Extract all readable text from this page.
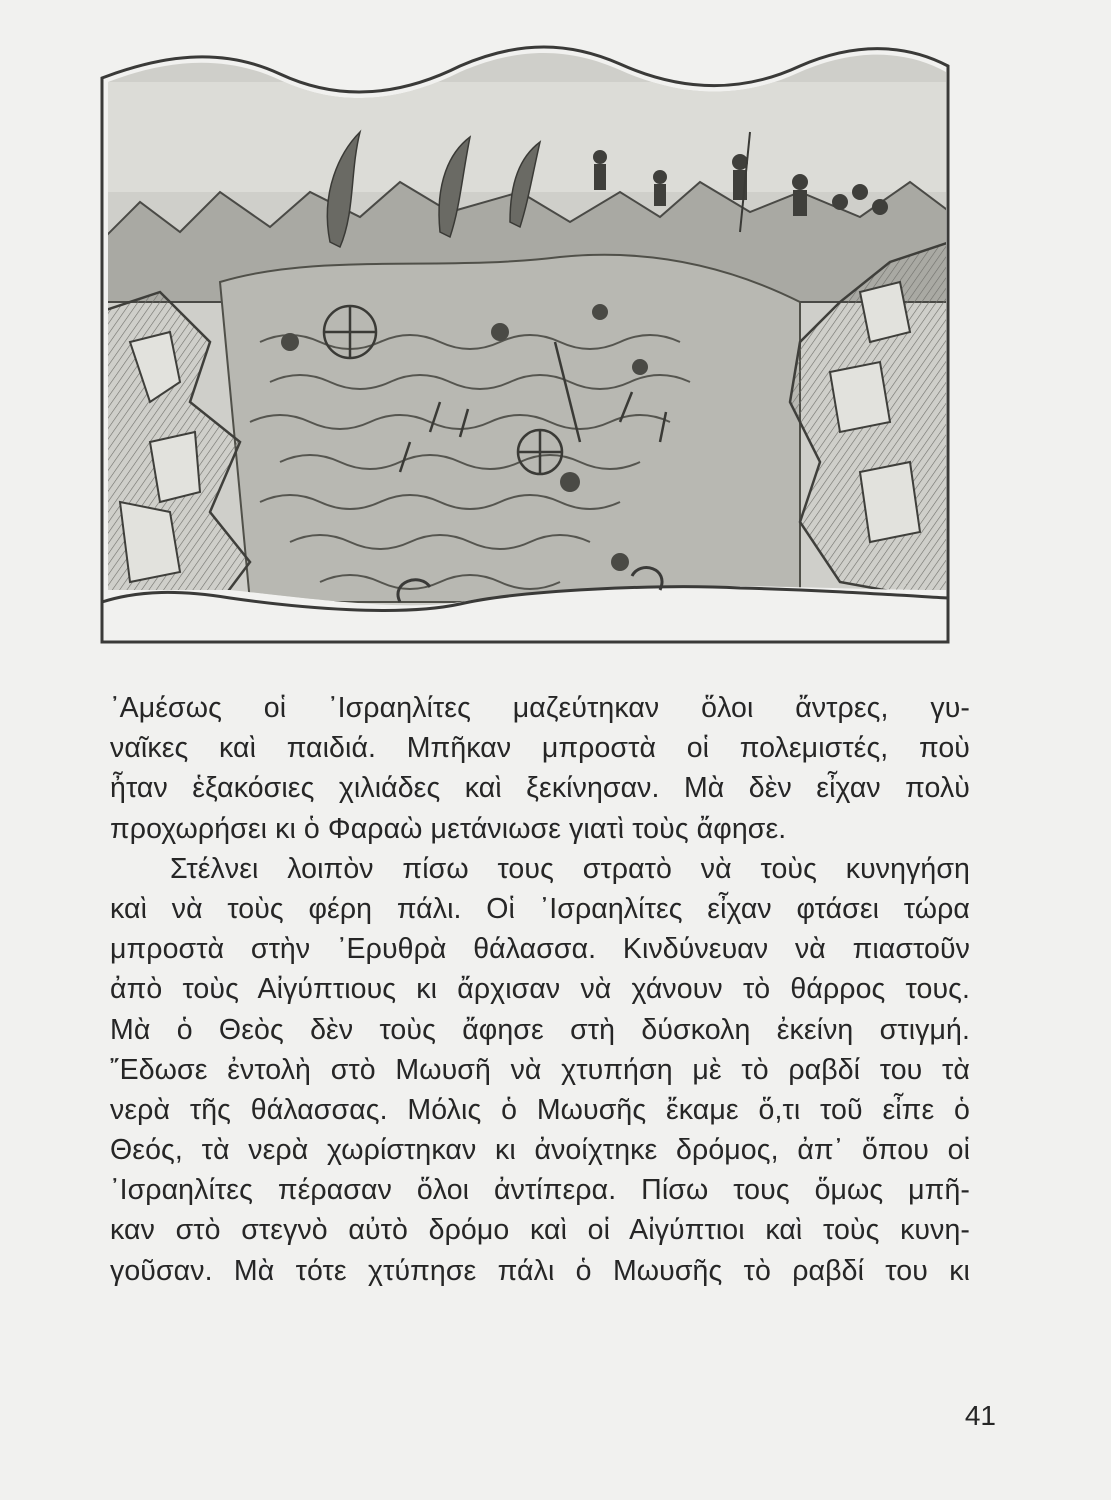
᾿Αμέσως οἱ ᾿Ισραηλίτες μαζεύτηκαν ὅλοι ἄντρες, γυ-
ναῖκες καὶ παιδιά. Μπῆκαν μπροστὰ οἱ πολεμιστές, ποὺ
ἦταν ἑξακόσιες χιλιάδες καὶ ξεκίνησαν. Μὰ δὲν εἶχαν πολὺ
προχωρήσει κι ὁ Φαραὼ μετάνιωσε γιατὶ τοὺς ἄφησε.

Στέλνει λοιπὸν πίσω τους στρατὸ νὰ τοὺς κυνηγήση
καὶ νὰ τοὺς φέρη πάλι. Οἱ ᾿Ισραηλίτες εἶχαν φτάσει τώρα
μπροστὰ στὴν ᾿Ερυθρὰ θάλασσα. Κινδύνευαν νὰ πιαστοῦν
ἀπὸ τοὺς Αἰγύπτιους κι ἄρχισαν νὰ χάνουν τὸ θάρρος τους.
Μὰ ὁ Θεὸς δὲν τοὺς ἄφησε στὴ δύσκολη ἐκείνη στιγμή.
῎Εδωσε ἐντολὴ στὸ Μωυσῆ νὰ χτυπήση μὲ τὸ ραβδί του τὰ
νερὰ τῆς θάλασσας. Μόλις ὁ Μωυσῆς ἔκαμε ὅ,τι τοῦ εἶπε ὁ
Θεός, τὰ νερὰ χωρίστηκαν κι ἀνοίχτηκε δρόμος, ἀπ᾿ ὅπου οἱ
᾿Ισραηλίτες πέρασαν ὅλοι ἀντίπερα. Πίσω τους ὅμως μπῆ-
καν στὸ στεγνὸ αὐτὸ δρόμο καὶ οἱ Αἰγύπτιοι καὶ τοὺς κυνη-
γοῦσαν. Μὰ τότε χτύπησε πάλι ὁ Μωυσῆς τὸ ραβδί του κι

41
